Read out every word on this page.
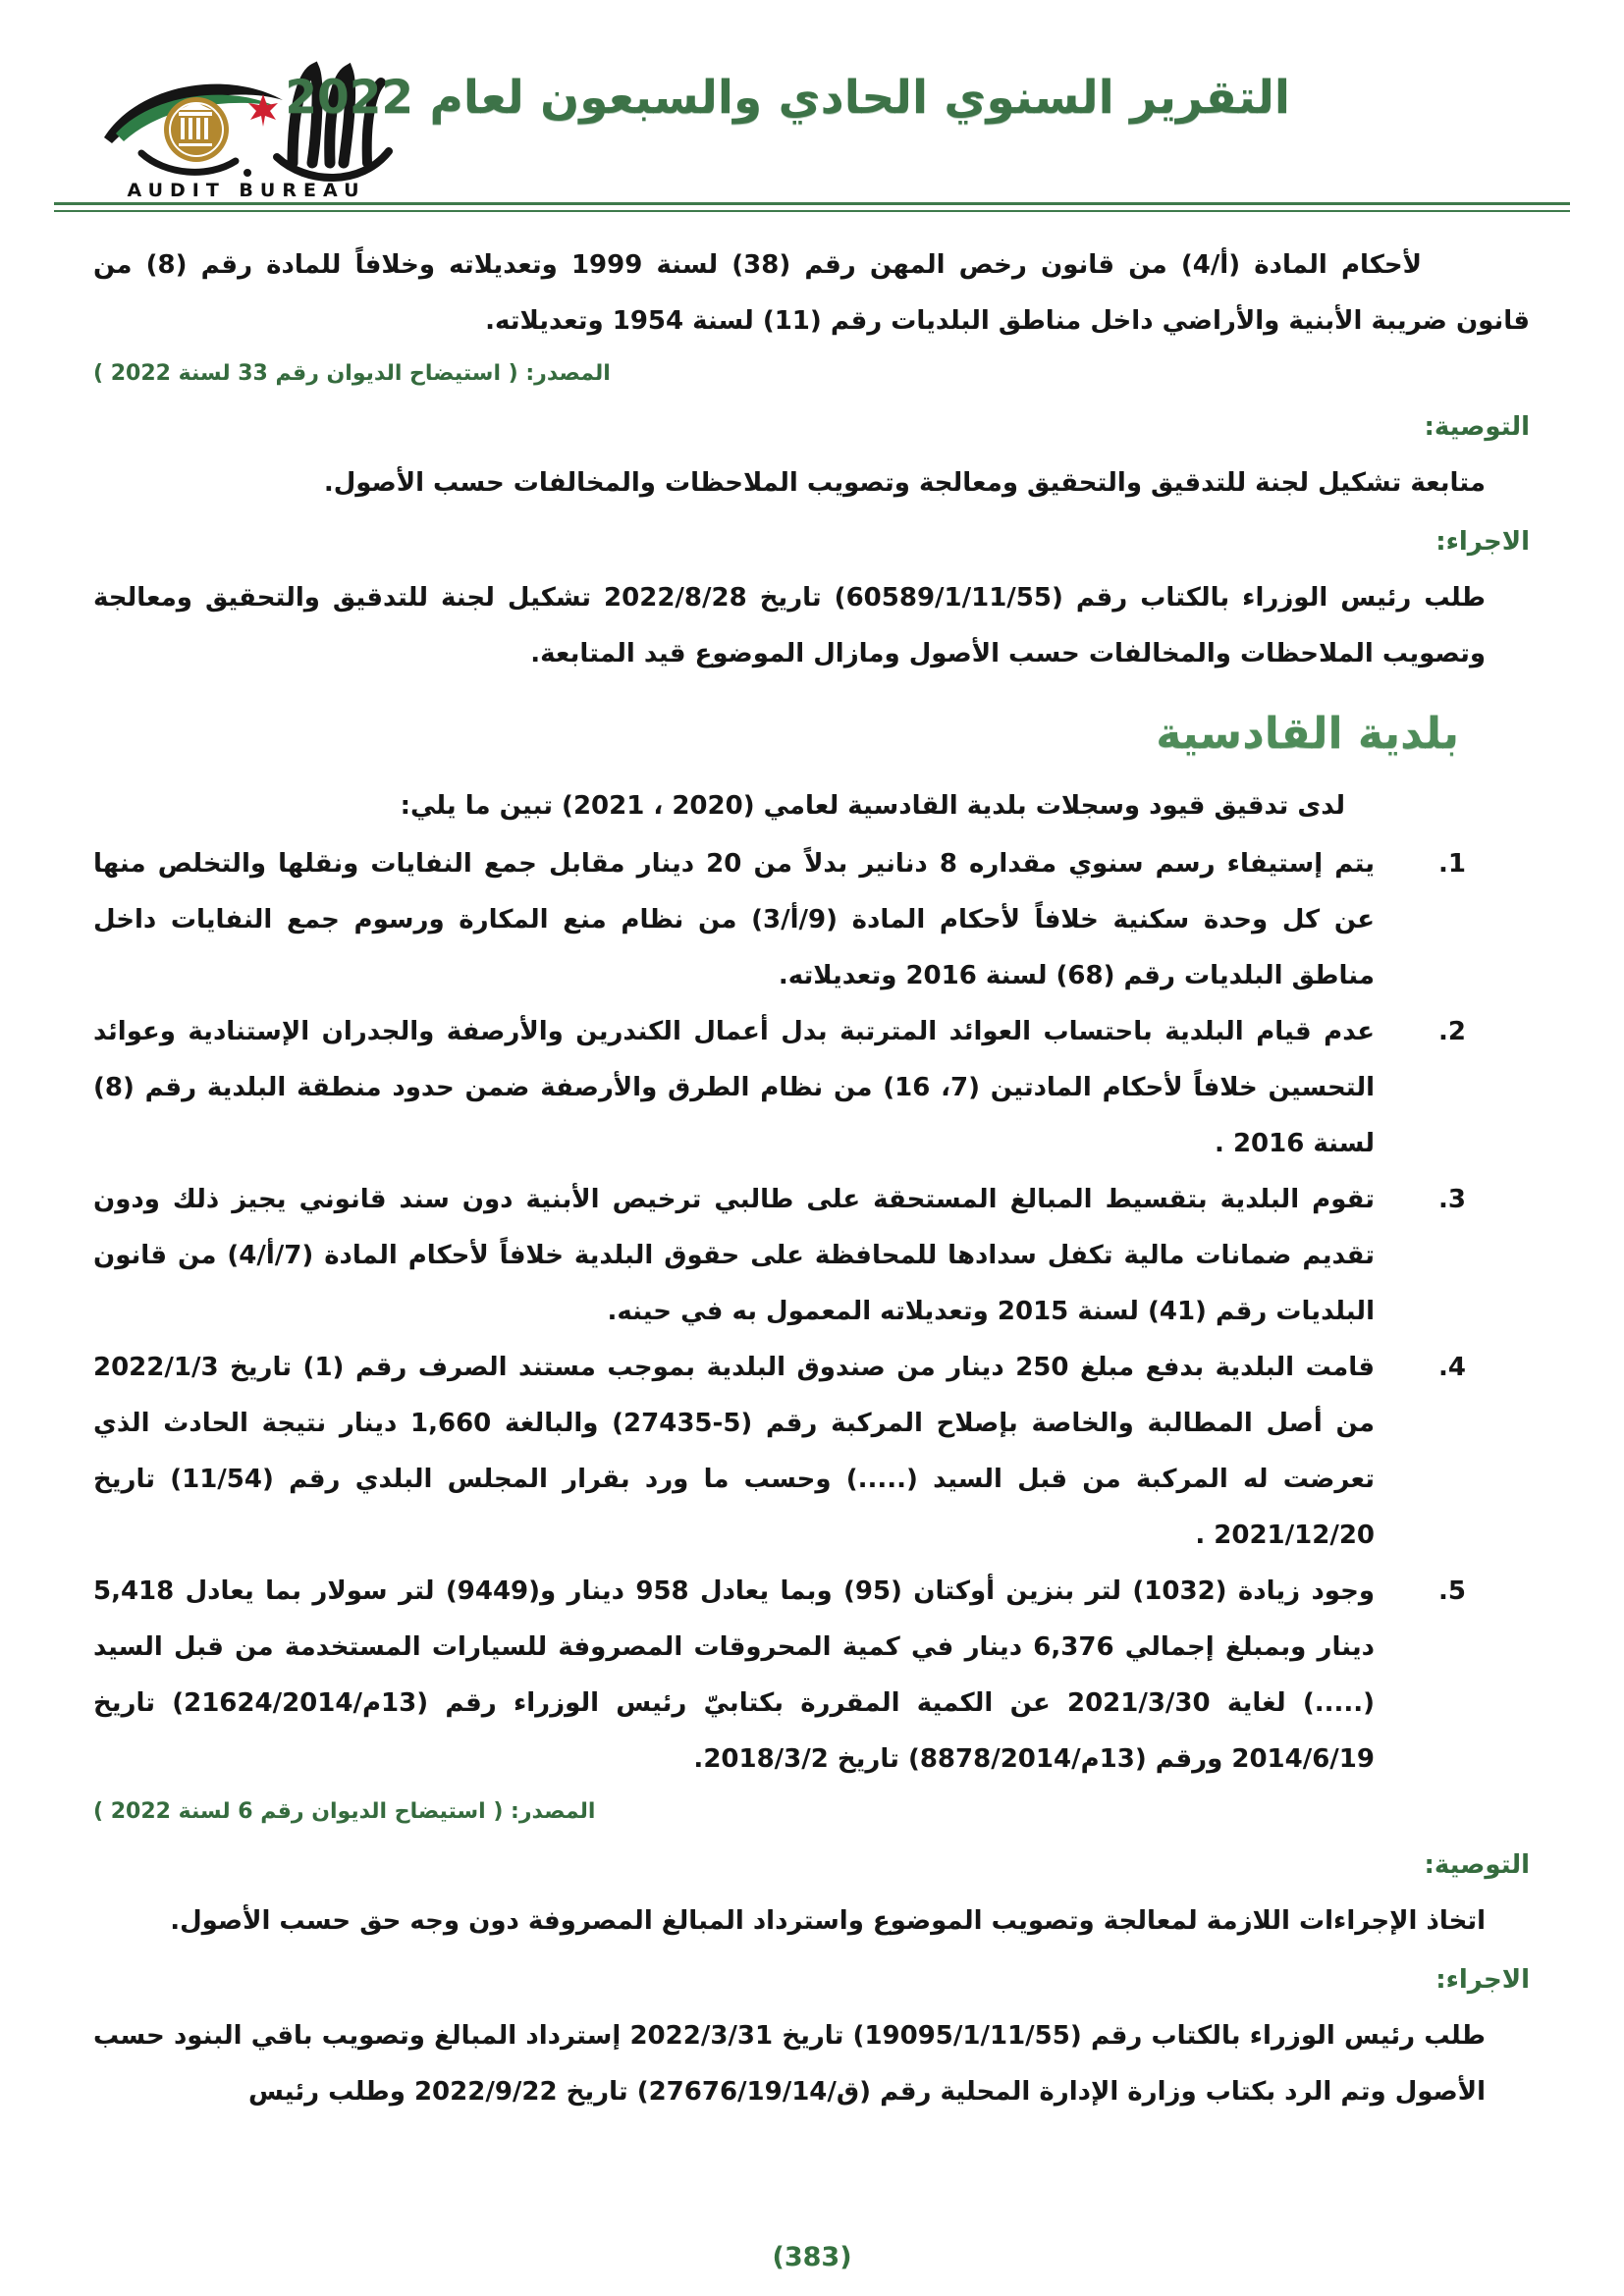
AUDIT BUREAU
التقرير السنوي الحادي والسبعون لعام 2022

لأحكام المادة (أ/4) من قانون رخص المهن رقم (38) لسنة 1999 وتعديلاته وخلافاً للمادة رقم (8) من قانون ضريبة الأبنية والأراضي داخل مناطق البلديات رقم (11) لسنة 1954 وتعديلاته.

المصدر: ( استيضاح الديوان رقم 33 لسنة 2022 )
التوصية:

متابعة تشكيل لجنة للتدقيق والتحقيق ومعالجة وتصويب الملاحظات والمخالفات حسب الأصول.

الاجراء:

طلب رئيس الوزراء بالكتاب رقم (60589/1/11/55) تاريخ 2022/8/28 تشكيل لجنة للتدقيق والتحقيق ومعالجة وتصويب الملاحظات والمخالفات حسب الأصول ومازال الموضوع قيد المتابعة.

بلدية القادسية

لدى تدقيق قيود وسجلات بلدية القادسية لعامي (2020 ، 2021) تبين ما يلي:

1.
يتم إستيفاء رسم سنوي مقداره 8 دنانير بدلاً من 20 دينار مقابل جمع النفايات ونقلها والتخلص منها عن كل وحدة سكنية خلافاً لأحكام المادة (9/أ/3) من نظام منع المكارة ورسوم جمع النفايات داخل مناطق البلديات رقم (68) لسنة 2016 وتعديلاته.
2.
عدم قيام البلدية باحتساب العوائد المترتبة بدل أعمال الكندرين والأرصفة والجدران الإستنادية وعوائد التحسين خلافاً لأحكام المادتين (7، 16) من نظام الطرق والأرصفة ضمن حدود منطقة البلدية رقم (8) لسنة 2016 .
3.
تقوم البلدية بتقسيط المبالغ المستحقة على طالبي ترخيص الأبنية دون سند قانوني يجيز ذلك ودون تقديم ضمانات مالية تكفل سدادها للمحافظة على حقوق البلدية خلافاً لأحكام المادة (7/أ/4) من قانون البلديات رقم (41) لسنة 2015 وتعديلاته المعمول به في حينه.
4.
قامت البلدية بدفع مبلغ 250 دينار من صندوق البلدية بموجب مستند الصرف رقم (1) تاريخ 2022/1/3 من أصل المطالبة والخاصة بإصلاح المركبة رقم (5-27435) والبالغة 1,660 دينار نتيجة الحادث الذي تعرضت له المركبة من قبل السيد (.....) وحسب ما ورد بقرار المجلس البلدي رقم (11/54) تاريخ 2021/12/20 .
5.
وجود زيادة (1032) لتر بنزين أوكتان (95) وبما يعادل 958 دينار و(9449) لتر سولار بما يعادل 5,418 دينار وبمبلغ إجمالي 6,376 دينار في كمية المحروقات المصروفة للسيارات المستخدمة من قبل السيد (.....) لغاية 2021/3/30 عن الكمية المقررة بكتابيّ رئيس الوزراء رقم (13م/21624/2014) تاريخ 2014/6/19 ورقم (13م/8878/2014) تاريخ 2018/3/2.
المصدر: ( استيضاح الديوان رقم 6 لسنة 2022 )
التوصية:

اتخاذ الإجراءات اللازمة لمعالجة وتصويب الموضوع واسترداد المبالغ المصروفة دون وجه حق حسب الأصول.

الاجراء:

طلب رئيس الوزراء بالكتاب رقم (19095/1/11/55) تاريخ 2022/3/31 إسترداد المبالغ وتصويب باقي البنود حسب الأصول وتم الرد بكتاب وزارة الإدارة المحلية رقم (ق/27676/19/14) تاريخ 2022/9/22 وطلب رئيس

(383)
